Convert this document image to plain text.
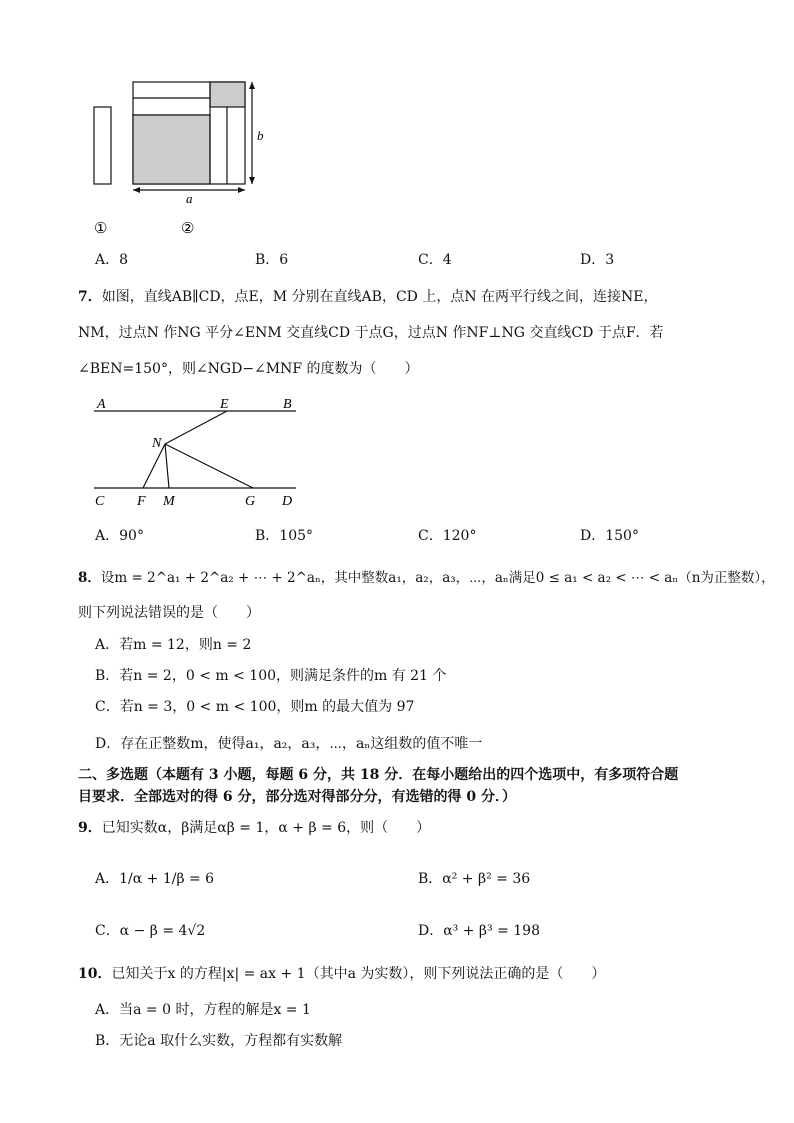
b
a
①	②
A．8	B．6	C．4	D．3
7．如图，直线AB∥CD，点E，M 分别在直线AB，CD 上，点N 在两平行线之间，连接NE，
NM，过点N 作NG 平分∠ENM 交直线CD 于点G，过点N 作NF⊥NG 交直线CD 于点F．若
∠BEN=150°，则∠NGD−∠MNF 的度数为（　　）
A	E	B
N
C F M	G D
A．90°	B．105°	C．120°	D．150°
8．设m = 2^a₁ + 2^a₂ + ⋯ + 2^aₙ，其中整数a₁，a₂，a₃，⋯，aₙ满足0 ≤ a₁ < a₂ < ⋯ < aₙ（n为正整数），
则下列说法错误的是（　　）
A．若m = 12，则n = 2
B．若n = 2，0 < m < 100，则满足条件的m 有 21 个
C．若n = 3，0 < m < 100，则m 的最大值为 97
D．存在正整数m，使得a₁，a₂，a₃，⋯，aₙ这组数的值不唯一
二、多选题（本题有 3 小题，每题 6 分，共 18 分．在每小题给出的四个选项中，有多项符合题
目要求．全部选对的得 6 分，部分选对得部分分，有选错的得 0 分．）
9．已知实数α，β满足αβ = 1，α + β = 6，则（　　）
A．1/α + 1/β = 6	B．α² + β² = 36
C．α − β = 4√2	D．α³ + β³ = 198
10．已知关于x 的方程|x| = ax + 1（其中a 为实数），则下列说法正确的是（　　）
A．当a = 0 时，方程的解是x = 1
B．无论a 取什么实数，方程都有实数解
